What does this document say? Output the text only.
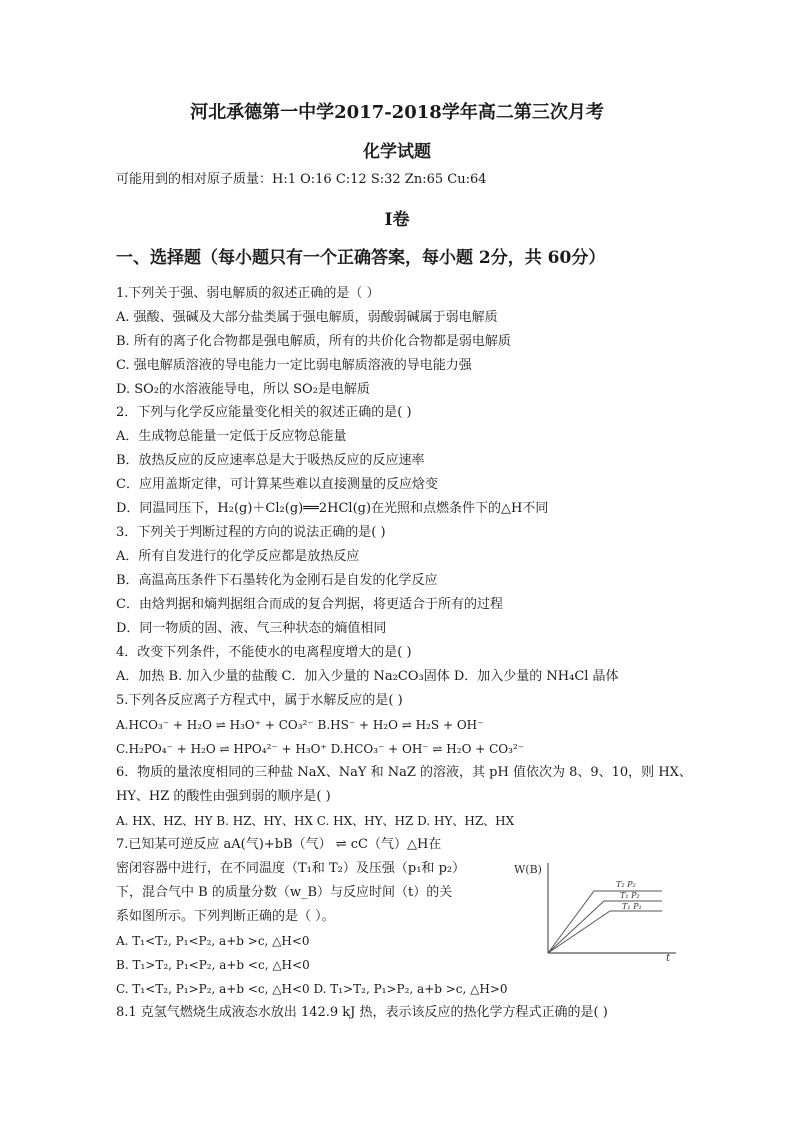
河北承德第一中学2017-2018学年高二第三次月考
化学试题
可能用到的相对原子质量：H:1 O:16 C:12 S:32 Zn:65 Cu:64
I卷
一、选择题（每小题只有一个正确答案，每小题 2分，共 60分）
1.下列关于强、弱电解质的叙述正确的是（ ）
A. 强酸、强碱及大部分盐类属于强电解质，弱酸弱碱属于弱电解质
B. 所有的离子化合物都是强电解质，所有的共价化合物都是弱电解质
C. 强电解质溶液的导电能力一定比弱电解质溶液的导电能力强
D. SO₂的水溶液能导电，所以 SO₂是电解质
2．下列与化学反应能量变化相关的叙述正确的是( )
A．生成物总能量一定低于反应物总能量
B．放热反应的反应速率总是大于吸热反应的反应速率
C．应用盖斯定律，可计算某些难以直接测量的反应焓变
D．同温同压下，H₂(g)＋Cl₂(g)══2HCl(g)在光照和点燃条件下的△H不同
3．下列关于判断过程的方向的说法正确的是( )
A．所有自发进行的化学反应都是放热反应
B．高温高压条件下石墨转化为金刚石是自发的化学反应
C．由焓判据和熵判据组合而成的复合判据，将更适合于所有的过程
D．同一物质的固、液、气三种状态的熵值相同
4．改变下列条件，不能使水的电离程度增大的是( )
A．加热 B. 加入少量的盐酸 C．加入少量的 Na₂CO₃固体 D．加入少量的 NH₄Cl 晶体
5.下列各反应离子方程式中，属于水解反应的是( )
A.HCO₃⁻ + H₂O ⇌ H₃O⁺ + CO₃²⁻ B.HS⁻ + H₂O ⇌ H₂S + OH⁻
C.H₂PO₄⁻ + H₂O ⇌ HPO₄²⁻ + H₃O⁺ D.HCO₃⁻ + OH⁻ ⇌ H₂O + CO₃²⁻
6．物质的量浓度相同的三种盐 NaX、NaY 和 NaZ 的溶液，其 pH 值依次为 8、9、10，则 HX、
HY、HZ 的酸性由强到弱的顺序是( )
A. HX、HZ、HY B. HZ、HY、HX C. HX、HY、HZ D. HY、HZ、HX
7.已知某可逆反应 aA(气)+bB（气） ⇌ cC（气）△H在
密闭容器中进行，在不同温度（T₁和 T₂）及压强（p₁和 p₂）
下，混合气中 B 的质量分数（w_B）与反应时间（t）的关
系如图所示。下列判断正确的是（ ）。
A. T₁<T₂, P₁<P₂, a+b >c, △H<0
B. T₁>T₂, P₁<P₂, a+b <c, △H<0
C. T₁<T₂, P₁>P₂, a+b <c, △H<0 D. T₁>T₂, P₁>P₂, a+b >c, △H>0
W(B)
t
T₂ P₂
T₁ P₂
T₁ P₁
8.1 克氢气燃烧生成液态水放出 142.9 kJ 热，表示该反应的热化学方程式正确的是( )
